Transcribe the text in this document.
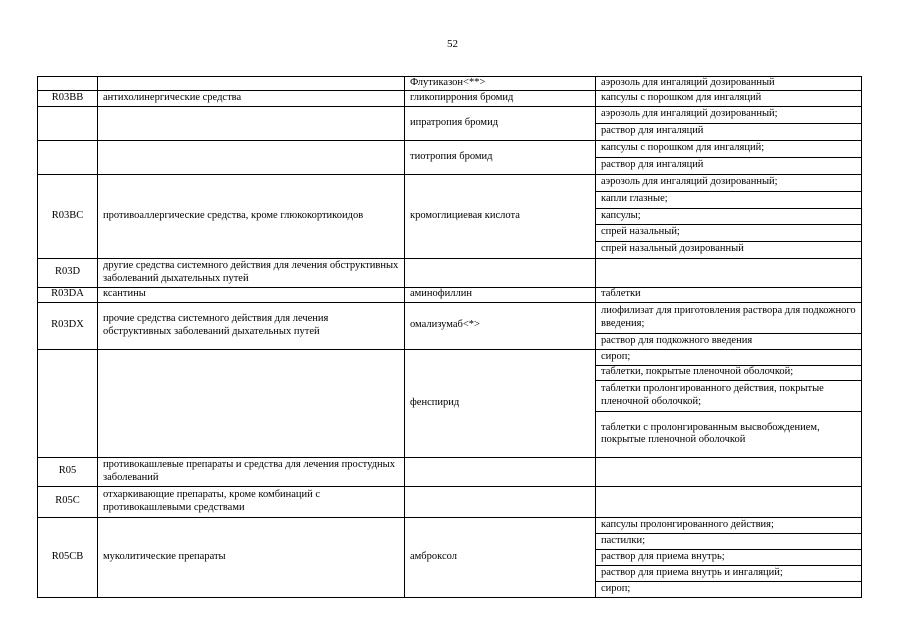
52
		Флутиказон<**>	аэрозоль для ингаляций дозированный
R03BB	антихолинергические средства	гликопиррония бромид	капсулы с порошком для ингаляций
		ипратропия бромид	аэрозоль для ингаляций дозированный;
			раствор для ингаляций
		тиотропия бромид	капсулы с порошком для ингаляций;
			раствор для ингаляций
R03BC	противоаллергические средства, кроме глюкокортикоидов	кромоглициевая кислота	аэрозоль для ингаляций дозированный;
			капли глазные;
			капсулы;
			спрей назальный;
			спрей назальный дозированный
R03D	другие средства системного действия для лечения обструктивных заболеваний дыхательных путей		
R03DA	ксантины	аминофиллин	таблетки
R03DX	прочие средства системного действия для лечения обструктивных заболеваний дыхательных путей	омализумаб<*>	лиофилизат для приготовления раствора для подкожного введения;
			раствор для подкожного введения
		фенспирид	сироп;
			таблетки, покрытые пленочной оболочкой;
			таблетки пролонгированного действия, покрытые пленочной оболочкой;
			таблетки с пролонгированным высвобождением, покрытые пленочной оболочкой
R05	противокашлевые препараты и средства для лечения простудных заболеваний		
R05C	отхаркивающие препараты, кроме комбинаций с противокашлевыми средствами		
R05CB	муколитические препараты	амброксол	капсулы пролонгированного действия;
			пастилки;
			раствор для приема внутрь;
			раствор для приема внутрь и ингаляций;
			сироп;
